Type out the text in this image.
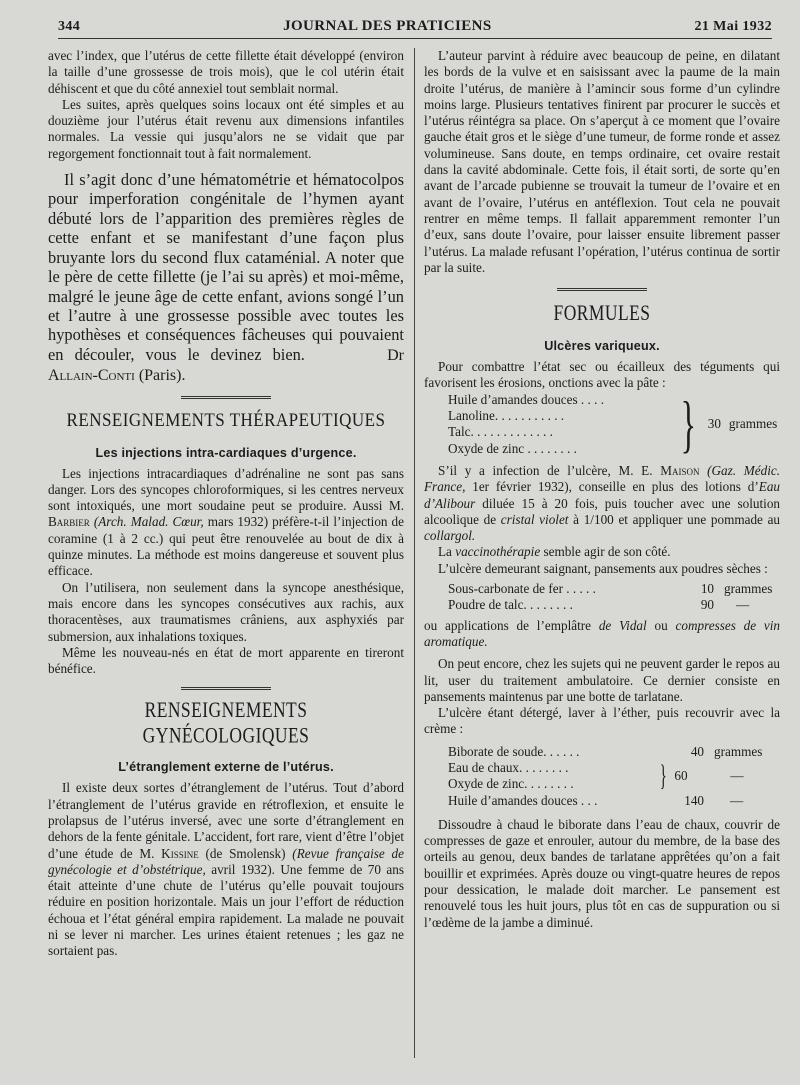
344	JOURNAL DES PRATICIENS	21 Mai 1932

avec l’index, que l’utérus de cette fillette était développé (environ la taille d’une grossesse de trois mois), que le col utérin était déhiscent et que du côté annexiel tout semblait normal.

Les suites, après quelques soins locaux ont été simples et au douzième jour l’utérus était revenu aux dimensions infantiles normales. La vessie qui jusqu’alors ne se vidait que par regorgement fonctionnait tout à fait normalement.

Il s’agit donc d’une hématométrie et hématocolpos pour imperforation congénitale de l’hymen ayant débuté lors de l’apparition des premières règles de cette enfant et se manifestant d’une façon plus bruyante lors du second flux cataménial. A noter que le père de cette fillette (je l’ai su après) et moi-même, malgré le jeune âge de cette enfant, avions songé l’un et l’autre à une grossesse possible avec toutes les hypothèses et conséquences fâcheuses qui pouvaient en découler, vous le devinez bien.	Dr Allain-Conti (Paris).

RENSEIGNEMENTS THÉRAPEUTIQUES
Les injections intra-cardiaques d’urgence.

Les injections intracardiaques d’adrénaline ne sont pas sans danger. Lors des syncopes chloroformiques, si les centres nerveux sont intoxiqués, une mort soudaine peut se produire. Aussi M. Barbier (Arch. Malad. Cœur, mars 1932) préfère-t-il l’injection de coramine (1 à 2 cc.) qui peut être renouvelée au bout de dix à quinze minutes. La méthode est moins dangereuse et souvent plus efficace.

On l’utilisera, non seulement dans la syncope anesthésique, mais encore dans les syncopes consécutives aux rachis, aux thoracentèses, aux traumatismes crâniens, aux asphyxiés par submersion, aux inhalations toxiques.

Même les nouveau-nés en état de mort apparente en tireront bénéfice.

RENSEIGNEMENTS GYNÉCOLOGIQUES
L’étranglement externe de l’utérus.

Il existe deux sortes d’étranglement de l’utérus. Tout d’abord l’étranglement de l’utérus gravide en rétroflexion, et ensuite le prolapsus de l’utérus inversé, avec une sorte d’étranglement en dehors de la fente génitale. L’accident, fort rare, vient d’être l’objet d’une étude de M. Kissine (de Smolensk) (Revue française de gynécologie et d’obstétrique, avril 1932). Une femme de 70 ans était atteinte d’une chute de l’utérus qu’elle pouvait toujours réduire en position horizontale. Mais un jour l’effort de réduction échoua et l’état général empira rapidement. La malade ne pouvait ni se lever ni marcher. Les urines étaient retenues ; les gaz ne sortaient pas.

L’auteur parvint à réduire avec beaucoup de peine, en dilatant les bords de la vulve et en saisissant avec la paume de la main droite l’utérus, de manière à l’amincir sous forme d’un cylindre moins large. Plusieurs tentatives finirent par procurer le succès et l’utérus réintégra sa place. On s’aperçut à ce moment que l’ovaire gauche était gros et le siège d’une tumeur, de forme ronde et assez volumineuse. Sans doute, en temps ordinaire, cet ovaire restait dans la cavité abdominale. Cette fois, il était sorti, de sorte qu’en avant de l’arcade pubienne se trouvait la tumeur de l’ovaire et en avant de l’ovaire, l’utérus en antéflexion. Tout cela ne pouvait rentrer en même temps. Il fallait apparemment remonter l’un d’eux, sans doute l’ovaire, pour laisser ensuite librement passer l’utérus. La malade refusant l’opération, l’utérus continua de sortir par la suite.

FORMULES
Ulcères variqueux.

Pour combattre l’état sec ou écailleux des téguments qui favorisent les érosions, onctions avec la pâte :

Huile d’amandes douces . . . .
Lanoline. . . . . . . . . . .
Talc. . . . . . . . . . . . .
Oxyde de zinc . . . . . . . .	} 30 grammes

S’il y a infection de l’ulcère, M. E. Maison (Gaz. Médic. France, 1er février 1932), conseille en plus des lotions d’Eau d’Alibour diluée 15 à 20 fois, puis toucher avec une solution alcoolique de cristal violet à 1/100 et appliquer une pommade au collargol.

La vaccinothérapie semble agir de son côté.

L’ulcère demeurant saignant, pansements aux poudres sèches :

Sous-carbonate de fer . . . . .	10 grammes
Poudre de talc. . . . . . . .	90 —

ou applications de l’emplâtre de Vidal ou compresses de vin aromatique.

On peut encore, chez les sujets qui ne peuvent garder le repos au lit, user du traitement ambulatoire. Ce dernier consiste en pansements maintenus par une botte de tarlatane.

L’ulcère étant détergé, laver à l’éther, puis recouvrir avec la crème :

Biborate de soude. . . . . .	40 grammes
Eau de chaux. . . . . . . .
Oxyde de zinc. . . . . . . .	} 60	—
Huile d’amandes douces . . .	140 —

Dissoudre à chaud le biborate dans l’eau de chaux, couvrir de compresses de gaze et enrouler, autour du membre, de la base des orteils au genou, deux bandes de tarlatane apprêtées qu’on a fait bouillir et exprimées. Après douze ou vingt-quatre heures de repos pour dessication, le malade doit marcher. Le pansement est renouvelé tous les huit jours, plus tôt en cas de suppuration ou si l’œdème de la jambe a diminué.
